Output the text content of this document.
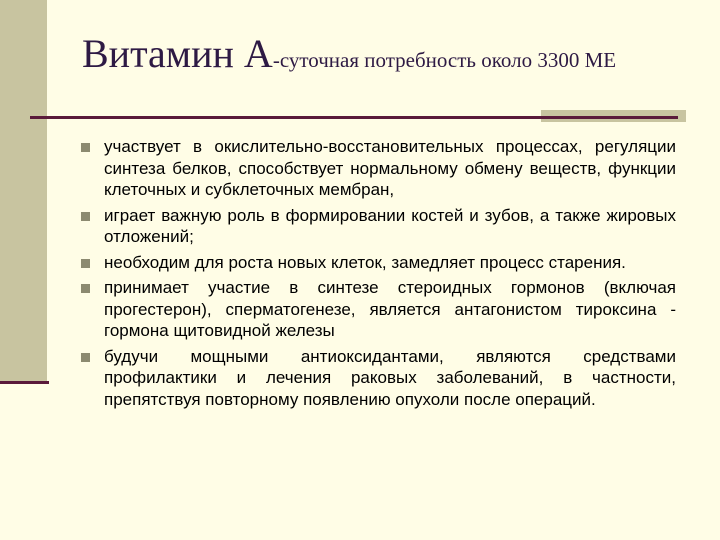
Витамин А-суточная потребность около 3300 МЕ
участвует в окислительно-восстановительных процессах, регуляции синтеза белков, способствует нормальному обмену веществ, функции клеточных и субклеточных мембран,
играет важную роль в формировании костей и зубов, а также жировых отложений;
необходим для роста новых клеток, замедляет процесс старения.
принимает участие в синтезе стероидных гормонов (включая прогестерон), сперматогенезе, является антагонистом тироксина - гормона щитовидной железы
будучи мощными антиоксидантами, являются средствами профилактики и лечения раковых заболеваний, в частности, препятствуя повторному появлению опухоли после операций.
